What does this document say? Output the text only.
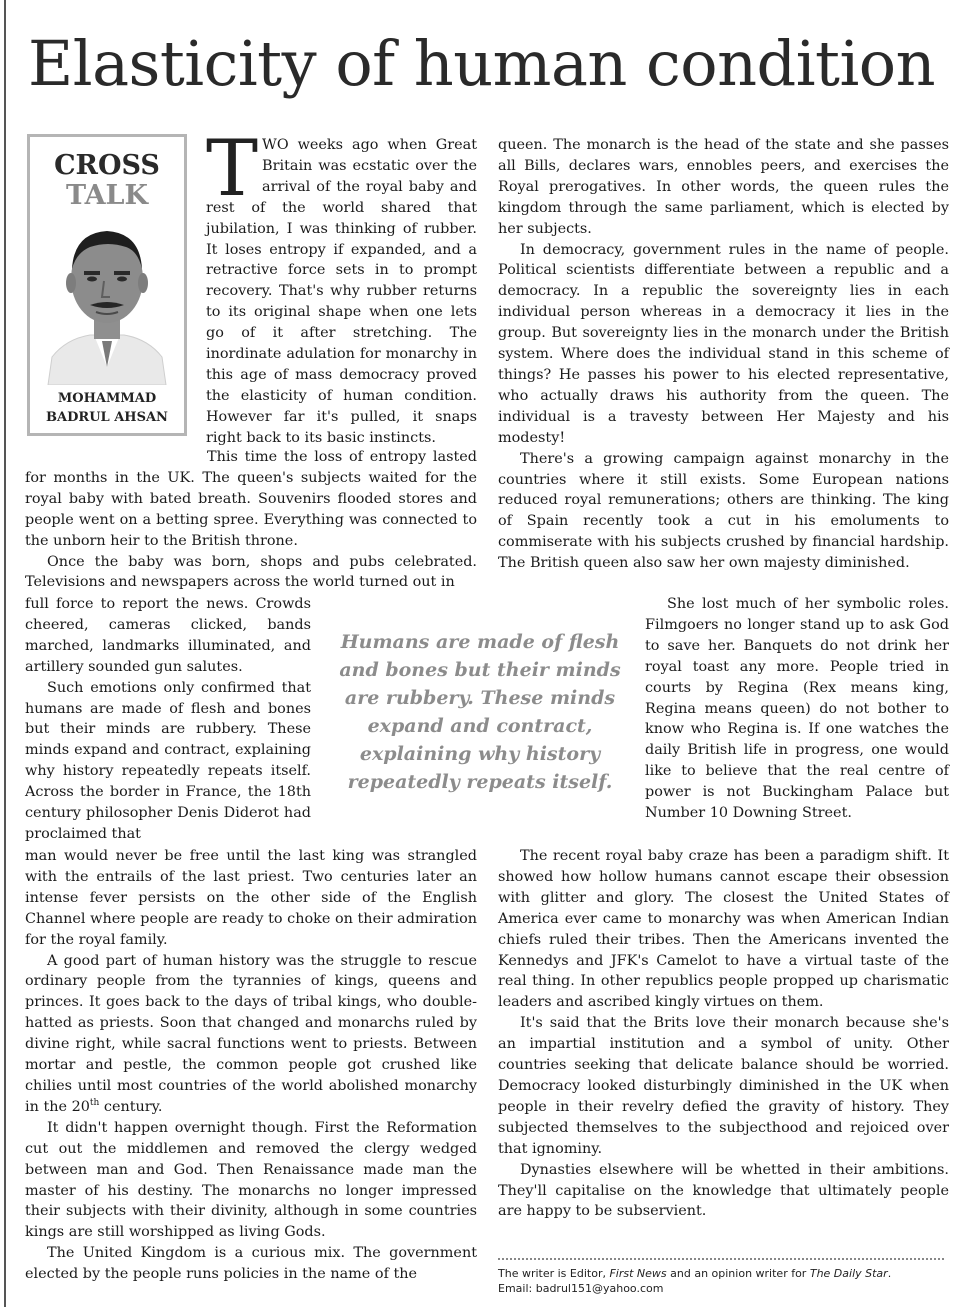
Elasticity of human condition
CROSS
TALK
MOHAMMAD
BADRUL AHSAN

TWO weeks ago when Great Britain was ecstatic over the arrival of the royal baby and rest of the world shared that jubilation, I was thinking of rubber. It loses entropy if expanded, and a retractive force sets in to prompt recovery. That's why rubber returns to its original shape when one lets go of it after stretching. The inordinate adulation for monarchy in this age of mass democracy proved the elasticity of human condition. However far it's pulled, it snaps right back to its basic instincts.

This time the loss of entropy lasted for months in the UK. The queen's subjects waited for the royal baby with bated breath. Souvenirs flooded stores and people went on a betting spree. Everything was connected to the unborn heir to the British throne.

Once the baby was born, shops and pubs celebrated. Televisions and newspapers across the world turned out in

full force to report the news. Crowds cheered, cameras clicked, bands marched, landmarks illuminated, and artillery sounded gun salutes.

Such emotions only confirmed that humans are made of flesh and bones but their minds are rubbery. These minds expand and contract, explaining why history repeatedly repeats itself. Across the border in France, the 18th century philosopher Denis Diderot had proclaimed that

man would never be free until the last king was strangled with the entrails of the last priest. Two centuries later an intense fever persists on the other side of the English Channel where people are ready to choke on their admiration for the royal family.

A good part of human history was the struggle to rescue ordinary people from the tyrannies of kings, queens and princes. It goes back to the days of tribal kings, who double-hatted as priests. Soon that changed and monarchs ruled by divine right, while sacral functions went to priests. Between mortar and pestle, the common people got crushed like chilies until most countries of the world abolished monarchy in the 20th century.

It didn't happen overnight though. First the Reformation cut out the middlemen and removed the clergy wedged between man and God. Then Renaissance made man the master of his destiny. The monarchs no longer impressed their subjects with their divinity, although in some countries kings are still worshipped as living Gods.

The United Kingdom is a curious mix. The government elected by the people runs policies in the name of the

queen. The monarch is the head of the state and she passes all Bills, declares wars, ennobles peers, and exercises the Royal prerogatives. In other words, the queen rules the kingdom through the same parliament, which is elected by her subjects.

In democracy, government rules in the name of people. Political scientists differentiate between a republic and a democracy. In a republic the sovereignty lies in each individual person whereas in a democracy it lies in the group. But sovereignty lies in the monarch under the British system. Where does the individual stand in this scheme of things? He passes his power to his elected representative, who actually draws his authority from the queen. The individual is a travesty between Her Majesty and his modesty!

There's a growing campaign against monarchy in the countries where it still exists. Some European nations reduced royal remunerations; others are thinking. The king of Spain recently took a cut in his emoluments to commiserate with his subjects crushed by financial hardship. The British queen also saw her own majesty diminished.

Humans are made of flesh and bones but their minds are rubbery. These minds expand and contract, explaining why history repeatedly repeats itself.

She lost much of her symbolic roles. Filmgoers no longer stand up to ask God to save her. Banquets do not drink her royal toast any more. People tried in courts by Regina (Rex means king, Regina means queen) do not bother to know who Regina is. If one watches the daily British life in progress, one would like to believe that the real centre of power is not Buckingham Palace but Number 10 Downing Street.

The recent royal baby craze has been a paradigm shift. It showed how hollow humans cannot escape their obsession with glitter and glory. The closest the United States of America ever came to monarchy was when American Indian chiefs ruled their tribes. Then the Americans invented the Kennedys and JFK's Camelot to have a virtual taste of the real thing. In other republics people propped up charismatic leaders and ascribed kingly virtues on them.

It's said that the Brits love their monarch because she's an impartial institution and a symbol of unity. Other countries seeking that delicate balance should be worried. Democracy looked disturbingly diminished in the UK when people in their revelry defied the gravity of history. They subjected themselves to the subjecthood and rejoiced over that ignominy.

Dynasties elsewhere will be whetted in their ambitions. They'll capitalise on the knowledge that ultimately people are happy to be subservient.

The writer is Editor, First News and an opinion writer for The Daily Star.
Email: badrul151@yahoo.com
